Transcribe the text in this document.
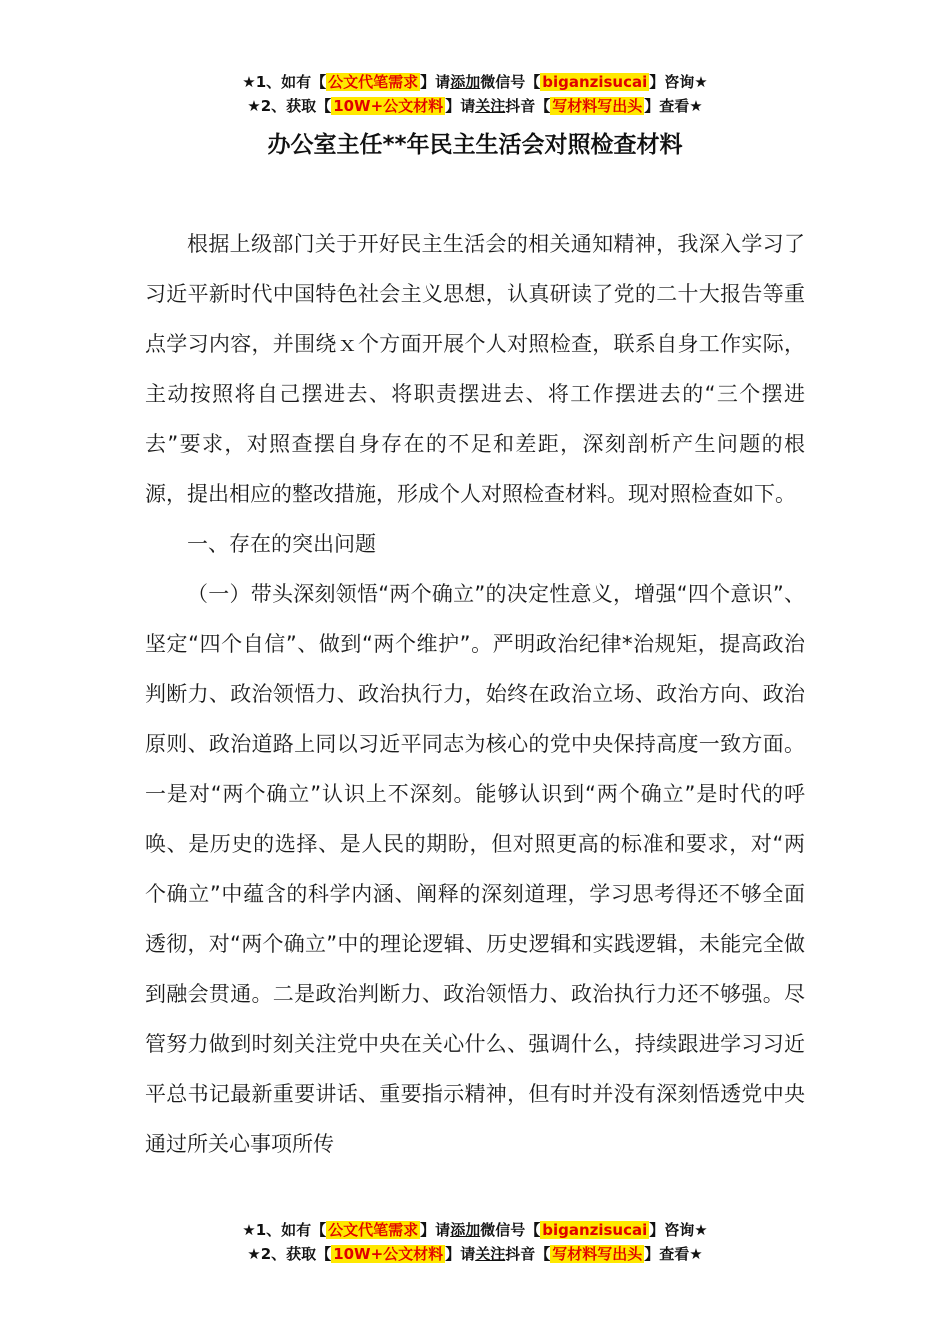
★1、如有【 公文代笔需求 】请添加微信号【 biganzisucai 】咨询★
★2、获取【 10W+公文材料 】请关注抖音【 写材料写出头 】查看★
办公室主任**年民主生活会对照检查材料

根据上级部门关于开好民主生活会的相关通知精神，我深入学习了习近平新时代中国特色社会主义思想，认真研读了党的二十大报告等重点学习内容，并围绕ｘ个方面开展个人对照检查，联系自身工作实际，主动按照将自己摆进去、将职责摆进去、将工作摆进去的“三个摆进去”要求，对照查摆自身存在的不足和差距，深刻剖析产生问题的根源，提出相应的整改措施，形成个人对照检查材料。现对照检查如下。

一、存在的突出问题

（一）带头深刻领悟“两个确立”的决定性意义，增强“四个意识”、坚定“四个自信”、做到“两个维护”。严明政治纪律*治规矩，提高政治判断力、政治领悟力、政治执行力，始终在政治立场、政治方向、政治原则、政治道路上同以习近平同志为核心的党中央保持高度一致方面。一是对“两个确立”认识上不深刻。能够认识到“两个确立”是时代的呼唤、是历史的选择、是人民的期盼，但对照更高的标准和要求，对“两个确立”中蕴含的科学内涵、阐释的深刻道理，学习思考得还不够全面透彻，对“两个确立”中的理论逻辑、历史逻辑和实践逻辑，未能完全做到融会贯通。二是政治判断力、政治领悟力、政治执行力还不够强。尽管努力做到时刻关注党中央在关心什么、强调什么，持续跟进学习习近平总书记最新重要讲话、重要指示精神，但有时并没有深刻悟透党中央通过所关心事项所传

★1、如有【 公文代笔需求 】请添加微信号【 biganzisucai 】咨询★
★2、获取【 10W+公文材料 】请关注抖音【 写材料写出头 】查看★
